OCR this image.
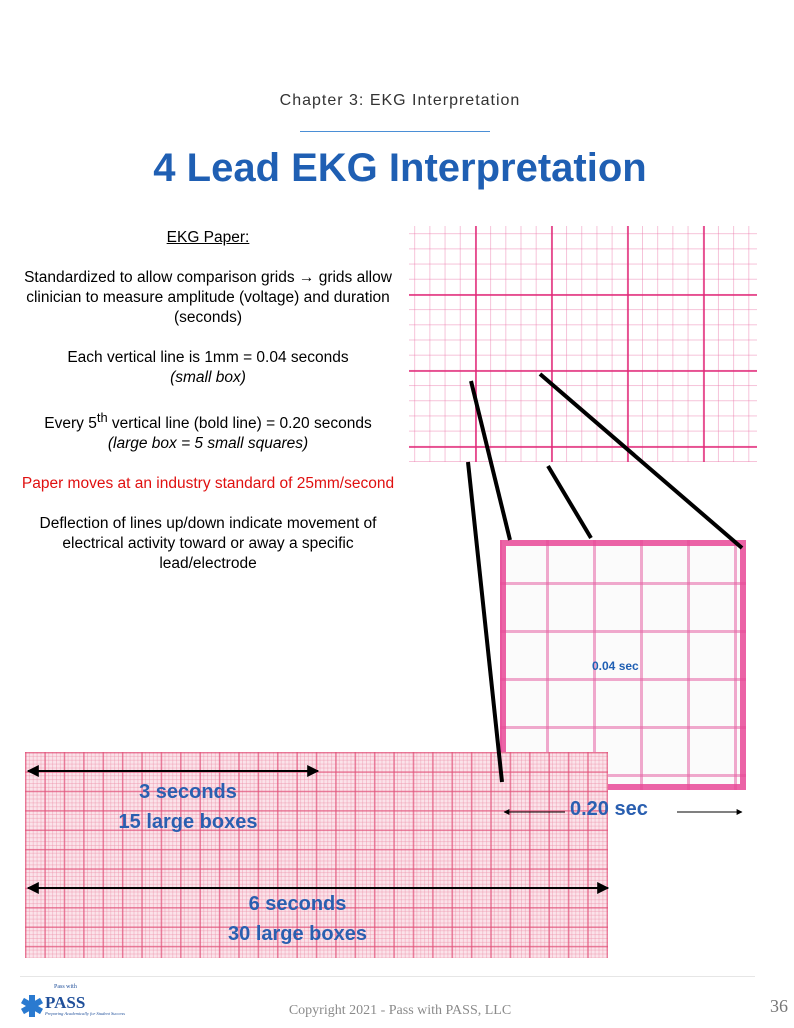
Chapter 3: EKG Interpretation
4 Lead EKG Interpretation

EKG Paper:

Standardized to allow comparison grids → grids allow clinician to measure amplitude (voltage) and duration (seconds)

Each vertical line is 1mm = 0.04 seconds
(small box)

Every 5th vertical line (bold line) = 0.20 seconds
(large box = 5 small squares)

Paper moves at an industry standard of 25mm/second

Deflection of lines up/down indicate movement of electrical activity toward or away a specific lead/electrode

0.04 sec
3 seconds
15 large boxes
6 seconds
30 large boxes
0.20 sec
Pass with
PASS
Preparing Academically for Student Success	Copyright 2021 - Pass with PASS, LLC	36
